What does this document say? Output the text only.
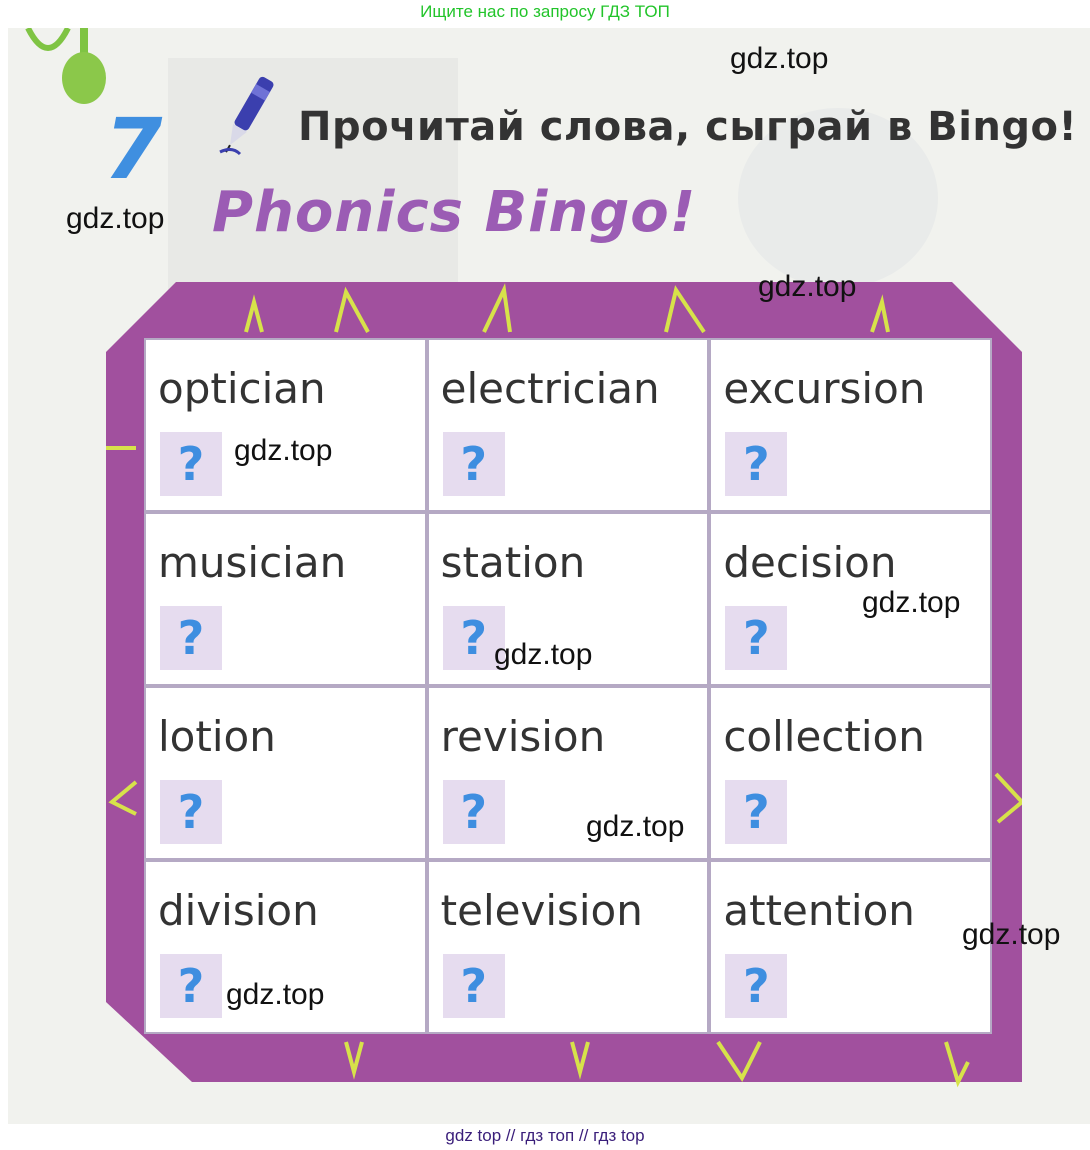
Ищите нас по запросу ГДЗ ТОП
7	Прочитай слова, сыграй в Bingo!
Phonics Bingo!
optician
?
electrician
?
excursion
?
musician
?
station
?
decision
?
lotion
?
revision
?
collection
?
division
?
television
?
attention
?
gdz.top
gdz.top
gdz.top
gdz.top
gdz.top
gdz.top
gdz.top
gdz.top
gdz.top
gdz top // гдз топ // гдз top
